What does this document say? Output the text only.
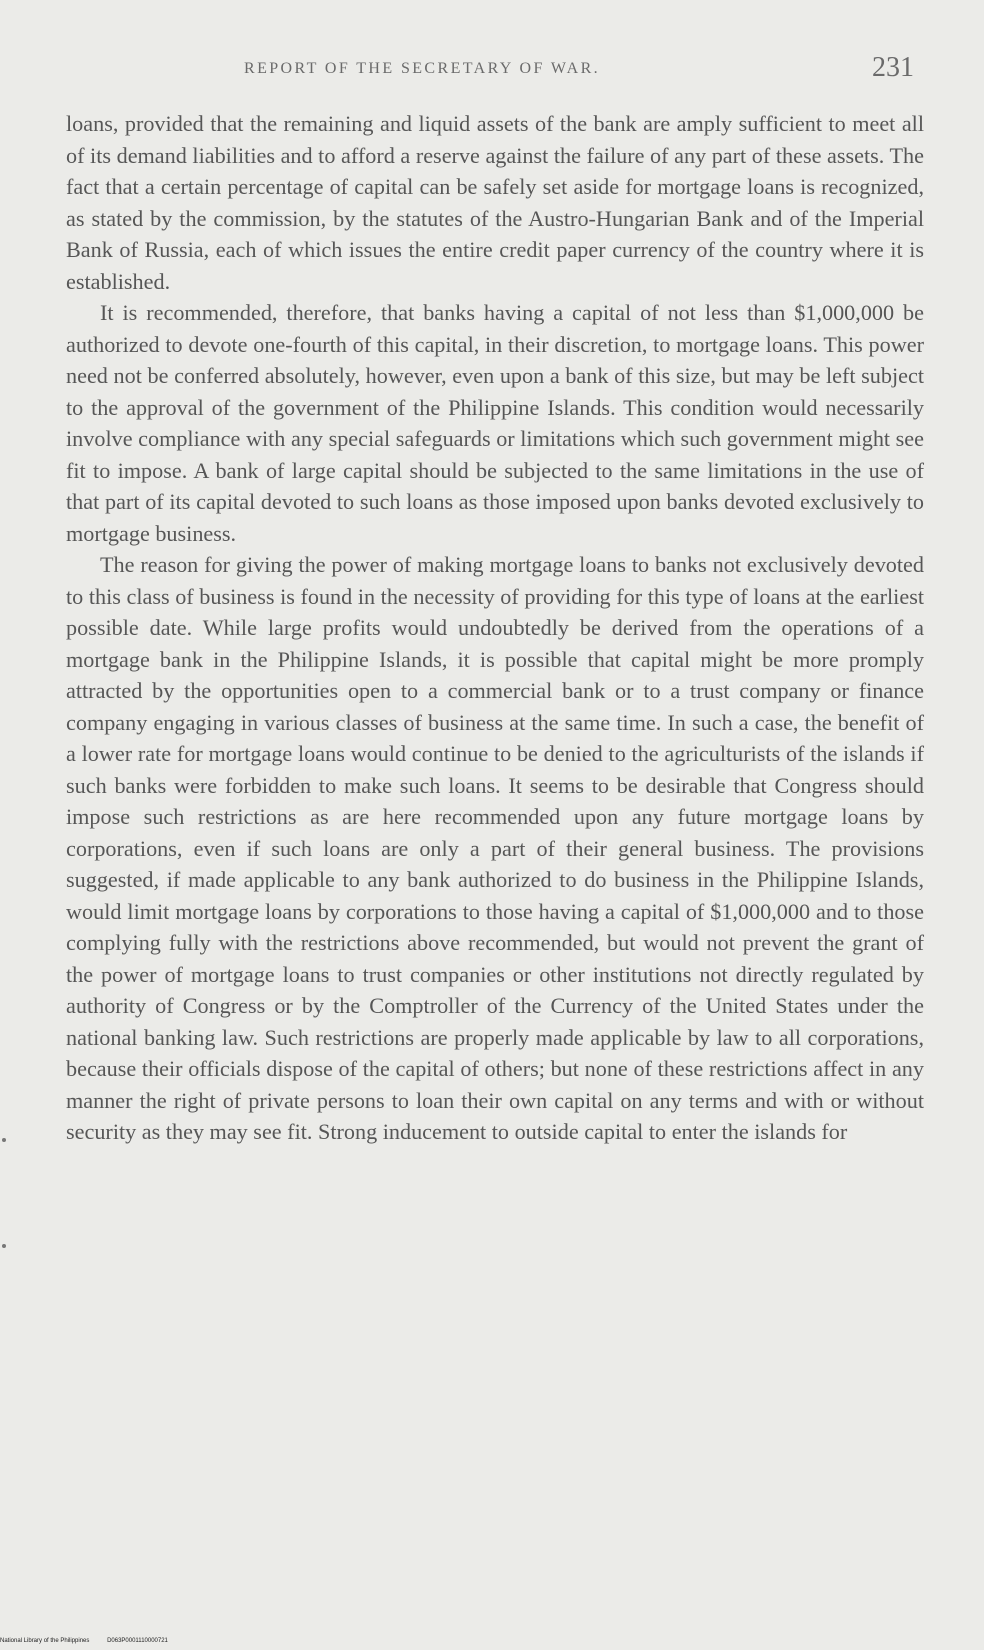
REPORT OF THE SECRETARY OF WAR.	231

loans, provided that the remaining and liquid assets of the bank are amply sufficient to meet all of its demand liabilities and to afford a reserve against the failure of any part of these assets. The fact that a certain percentage of capital can be safely set aside for mortgage loans is recognized, as stated by the commission, by the statutes of the Austro-Hungarian Bank and of the Imperial Bank of Russia, each of which issues the entire credit paper currency of the country where it is established.

It is recommended, therefore, that banks having a capital of not less than $1,000,000 be authorized to devote one-fourth of this capital, in their discretion, to mortgage loans. This power need not be conferred absolutely, however, even upon a bank of this size, but may be left subject to the approval of the government of the Philippine Islands. This condition would necessarily involve compliance with any special safeguards or limitations which such government might see fit to impose. A bank of large capital should be subjected to the same limitations in the use of that part of its capital devoted to such loans as those imposed upon banks devoted exclusively to mortgage business.

The reason for giving the power of making mortgage loans to banks not exclusively devoted to this class of business is found in the necessity of providing for this type of loans at the earliest possible date. While large profits would undoubtedly be derived from the operations of a mortgage bank in the Philippine Islands, it is possible that capital might be more promply attracted by the opportunities open to a commercial bank or to a trust company or finance company engaging in various classes of business at the same time. In such a case, the benefit of a lower rate for mortgage loans would continue to be denied to the agriculturists of the islands if such banks were forbidden to make such loans. It seems to be desirable that Congress should impose such restrictions as are here recommended upon any future mortgage loans by corporations, even if such loans are only a part of their general business. The provisions suggested, if made applicable to any bank authorized to do business in the Philippine Islands, would limit mortgage loans by corporations to those having a capital of $1,000,000 and to those complying fully with the restrictions above recommended, but would not prevent the grant of the power of mortgage loans to trust companies or other institutions not directly regulated by authority of Congress or by the Comptroller of the Currency of the United States under the national banking law. Such restrictions are properly made applicable by law to all corporations, because their officials dispose of the capital of others; but none of these restrictions affect in any manner the right of private persons to loan their own capital on any terms and with or without security as they may see fit. Strong inducement to outside capital to enter the islands for

National Library of the Philippines	D063P0001110000721
